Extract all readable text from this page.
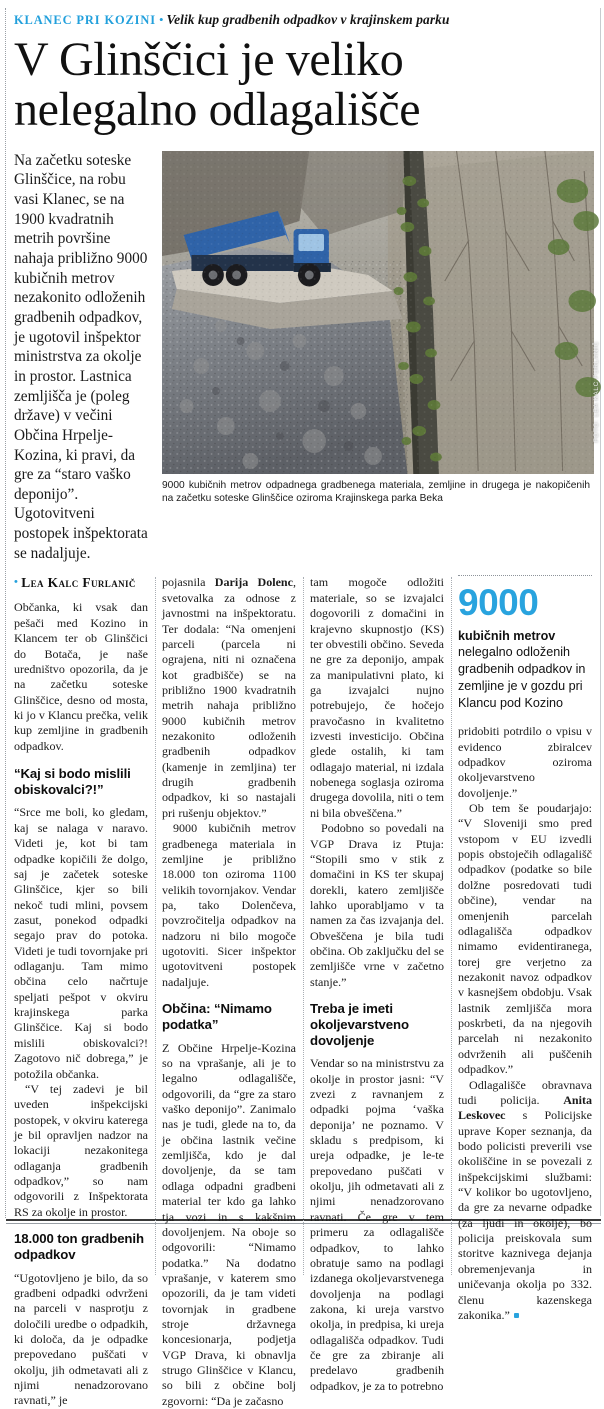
KLANEC PRI KOZINI • Velik kup gradbenih odpadkov v krajinskem parku
V Glinščici je veliko
nelegalno odlagališče
Na začetku soteske Glinščice, na robu vasi Klanec, se na 1900 kvadratnih metrih površine nahaja približno 9000 kubičnih metrov nezakonito odloženih gradbenih odpadkov, je ugotovil inšpektor ministrstva za okolje in prostor. Lastnica zemljišča je (poleg države) v večini Občina Hrpelje-Kozina, ki pravi, da gre za “staro vaško deponijo”. Ugotovitveni postopek inšpektorata se nadaljuje.
FOTO: LEA KALC FURLANIČ
9000 kubičnih metrov odpadnega gradbenega materiala, zemljine in drugega je nakopičenih na začetku soteske Glinščice oziroma Krajinskega parka Beka
• Lea Kalc Furlanič

Občanka, ki vsak dan pešači med Kozino in Klancem ter ob Glinščici do Botača, je naše uredništvo opozorila, da je na začetku soteske Glinščice, desno od mosta, ki jo v Klancu prečka, velik kup zemljine in gradbenih odpadkov.

“Kaj si bodo mislili obiskovalci?!”

“Srce me boli, ko gledam, kaj se nalaga v naravo. Videti je, kot bi tam odpadke kopičili že dolgo, saj je začetek soteske Glinščice, kjer so bili nekoč tudi mlini, povsem zasut, ponekod odpadki segajo prav do potoka. Videti je tudi tovornjake pri odlaganju. Tam mimo občina celo načrtuje speljati pešpot v okviru krajinskega parka Glinščice. Kaj si bodo mislili obiskovalci?! Zagotovo nič dobrega,” je potožila občanka.

“V tej zadevi je bil uveden inšpekcijski postopek, v okviru katerega je bil opravljen nadzor na lokaciji nezakonitega odlaganja gradbenih odpadkov,” so nam odgovorili z Inšpektorata RS za okolje in prostor.

18.000 ton gradbenih odpadkov

“Ugotovljeno je bilo, da so gradbeni odpadki odvrženi na parceli v nasprotju z določili uredbe o odpadkih, ki določa, da je odpadke prepovedano puščati v okolju, jih odmetavati ali z njimi nenadzorovano ravnati,” je

pojasnila Darija Dolenc, svetovalka za odnose z javnostmi na inšpektoratu. Ter dodala: “Na omenjeni parceli (parcela ni ograjena, niti ni označena kot gradbišče) se na približno 1900 kvadratnih metrih nahaja približno 9000 kubičnih metrov nezakonito odloženih gradbenih odpadkov (kamenje in zemljina) ter drugih gradbenih odpadkov, ki so nastajali pri rušenju objektov.”

9000 kubičnih metrov gradbenega materiala in zemljine je približno 18.000 ton oziroma 1100 velikih tovornjakov. Vendar pa, tako Dolenčeva, povzročitelja odpadkov na nadzoru ni bilo mogoče ugotoviti. Sicer inšpektor ugotovitveni postopek nadaljuje.

Občina: “Nimamo podatka”

Z Občine Hrpelje-Kozina so na vprašanje, ali je to legalno odlagališče, odgovorili, da “gre za staro vaško deponijo”. Zanimalo nas je tudi, glede na to, da je občina lastnik večine zemljišča, kdo je dal dovoljenje, da se tam odlaga odpadni gradbeni material ter kdo ga lahko tja vozi in s kakšnim dovoljenjem. Na oboje so odgovorili: “Nimamo podatka.” Na dodatno vprašanje, v katerem smo opozorili, da je tam videti tovornjak in gradbene stroje državnega koncesionarja, podjetja VGP Drava, ki obnavlja strugo Glinščice v Klancu, so bili z občine bolj zgovorni: “Da je začasno

tam mogoče odložiti materiale, so se izvajalci dogovorili z domačini in krajevno skupnostjo (KS) ter obvestili občino. Seveda ne gre za deponijo, ampak za manipulativni plato, ki ga izvajalci nujno potrebujejo, če hočejo pravočasno in kvalitetno izvesti investicijo. Občina glede ostalih, ki tam odlagajo material, ni izdala nobenega soglasja oziroma drugega dovolila, niti o tem ni bila obveščena.”

Podobno so povedali na VGP Drava iz Ptuja: “Stopili smo v stik z domačini in KS ter skupaj dorekli, katero zemljišče lahko uporabljamo v ta namen za čas izvajanja del. Obveščena je bila tudi občina. Ob zaključku del se zemljišče vrne v začetno stanje.”

Treba je imeti okoljevarstveno dovoljenje

Vendar so na ministrstvu za okolje in prostor jasni: “V zvezi z ravnanjem z odpadki pojma ‘vaška deponija’ ne poznamo. V skladu s predpisom, ki ureja odpadke, je le-te prepovedano puščati v okolju, jih odmetavati ali z njimi nenadzorovano ravnati. Če gre v tem primeru za odlagališče odpadkov, to lahko obratuje samo na podlagi izdanega okoljevarstvenega dovoljenja na podlagi zakona, ki ureja varstvo okolja, in predpisa, ki ureja odlagališča odpadkov. Tudi če gre za zbiranje ali predelavo gradbenih odpadkov, je za to potrebno

9000
kubičnih metrov nelegalno odloženih gradbenih odpadkov in zemljine je v gozdu pri Klancu pod Kozino

pridobiti potrdilo o vpisu v evidenco zbiralcev odpadkov oziroma okoljevarstveno dovoljenje.”

Ob tem še poudarjajo: “V Sloveniji smo pred vstopom v EU izvedli popis obstoječih odlagališč odpadkov (podatke so bile dolžne posredovati tudi občine), vendar na omenjenih parcelah odlagališča odpadkov nimamo evidentiranega, torej gre verjetno za nezakonit navoz odpadkov v kasnejšem obdobju. Vsak lastnik zemljišča mora poskrbeti, da na njegovih parcelah ni nezakonito odvrženih ali puščenih odpadkov.”

Odlagališče obravnava tudi policija. Anita Leskovec s Policijske uprave Koper seznanja, da bodo policisti preverili vse okoliščine in se povezali z inšpekcijskimi službami: “V kolikor bo ugotovljeno, da gre za nevarne odpadke (za ljudi in okolje), bo policija preiskovala sum storitve kaznivega dejanja obremenjevanja in uničevanja okolja po 332. členu kazenskega zakonika.”
